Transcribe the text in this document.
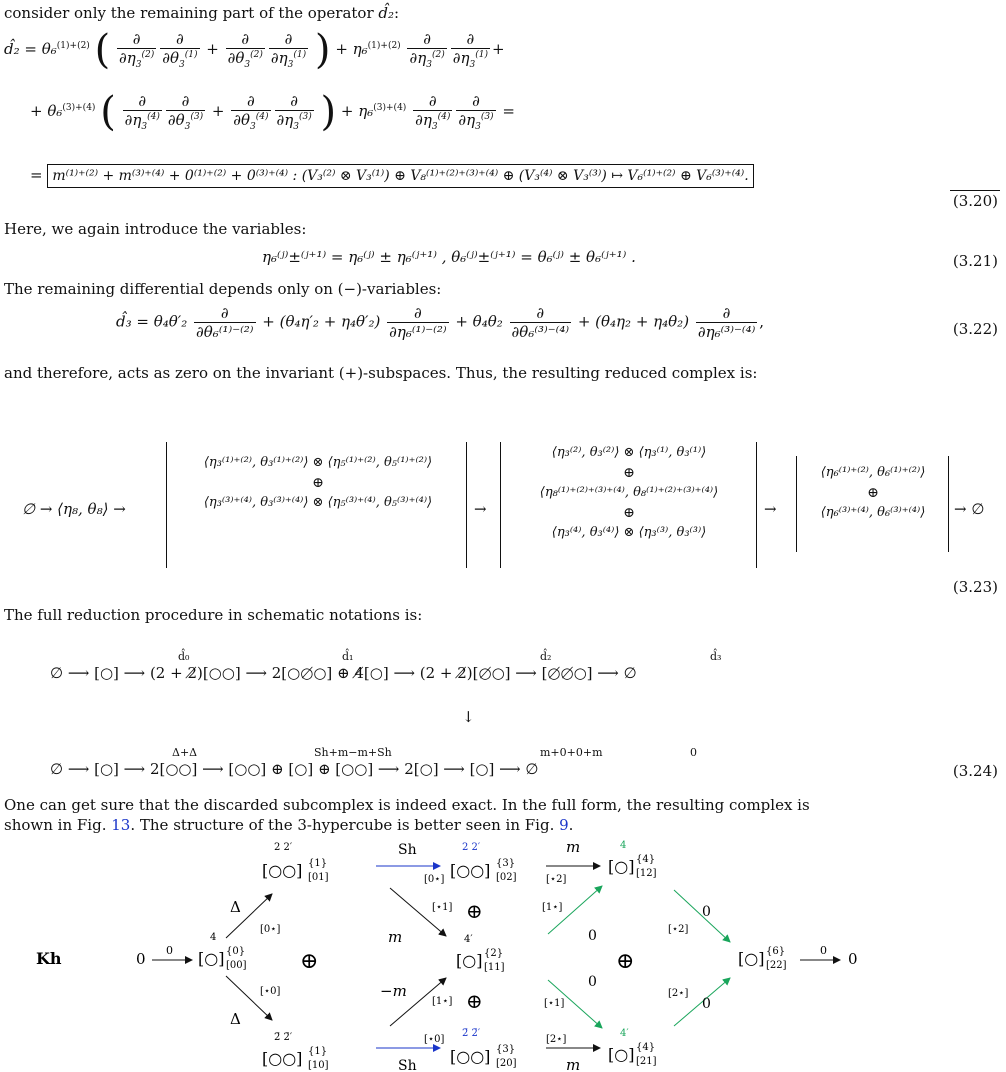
consider only the remaining part of the operator d̂₂:
d̂₂ = θ₆$^{(1)+(2)}$ ( $\frac{\partial}{\partial\eta_3^{(2)}} \frac{\partial}{\partial\theta_3^{(1)}} + \frac{\partial}{\partial\theta_3^{(2)}} \frac{\partial}{\partial\eta_3^{(1)}}$ ) + $\eta_6^{(1)+(2)} \frac{\partial}{\partial\eta_3^{(2)}} \frac{\partial}{\partial\eta_3^{(1)}}$ +
+ θ₆$^{(3)+(4)}$ ( $\frac{\partial}{\partial\eta_3^{(4)}} \frac{\partial}{\partial\theta_3^{(3)}} + \frac{\partial}{\partial\theta_3^{(4)}} \frac{\partial}{\partial\eta_3^{(3)}}$ ) + $\eta_6^{(3)+(4)} \frac{\partial}{\partial\eta_3^{(4)}} \frac{\partial}{\partial\eta_3^{(3)}}$ =
= m⁽¹⁾⁺⁽²⁾ + m⁽³⁾⁺⁽⁴⁾ + 0⁽¹⁾⁺⁽²⁾ + 0⁽³⁾⁺⁽⁴⁾ : (V₃⁽²⁾ ⊗ V₃⁽¹⁾) ⊕ V₈⁽¹⁾⁺⁽²⁾⁺⁽³⁾⁺⁽⁴⁾ ⊕ (V₃⁽⁴⁾ ⊗ V₃⁽³⁾) ↦ V₆⁽¹⁾⁺⁽²⁾ ⊕ V₆⁽³⁾⁺⁽⁴⁾.
(3.20)
Here, we again introduce the variables:
η₆⁽ʲ⁾±⁽ʲ⁺¹⁾ = η₆⁽ʲ⁾ ± η₆⁽ʲ⁺¹⁾ , θ₆⁽ʲ⁾±⁽ʲ⁺¹⁾ = θ₆⁽ʲ⁾ ± θ₆⁽ʲ⁺¹⁾ .	(3.21)
The remaining differential depends only on (−)-variables:
d̂₃ = $\theta_4\theta'_2 \frac{\partial}{\text{∂θ₆⁽¹⁾⁻⁽²⁾}} + (\theta_4\eta'_2 + \eta_4\theta'_2) \frac{\partial}{\text{∂η₆⁽¹⁾⁻⁽²⁾}} + \theta_4\theta_2 \frac{\partial}{\text{∂θ₆⁽³⁾⁻⁽⁴⁾}} + (\theta_4\eta_2 + \eta_4\theta_2) \frac{\partial}{\text{∂η₆⁽³⁾⁻⁽⁴⁾}}$ ,	(3.22)
and therefore, acts as zero on the invariant (+)-subspaces. Thus, the resulting reduced complex is:
∅ → ⟨η₈, θ₈⟩ →
⟨η₃⁽¹⁾⁺⁽²⁾, θ₃⁽¹⁾⁺⁽²⁾⟩ ⊗ ⟨η₅⁽¹⁾⁺⁽²⁾, θ₅⁽¹⁾⁺⁽²⁾⟩
⊕
⟨η₃⁽³⁾⁺⁽⁴⁾, θ₃⁽³⁾⁺⁽⁴⁾⟩ ⊗ ⟨η₅⁽³⁾⁺⁽⁴⁾, θ₅⁽³⁾⁺⁽⁴⁾⟩	→
⟨η₃⁽²⁾, θ₃⁽²⁾⟩ ⊗ ⟨η₃⁽¹⁾, θ₃⁽¹⁾⟩
⊕
⟨η₈⁽¹⁾⁺⁽²⁾⁺⁽³⁾⁺⁽⁴⁾, θ₈⁽¹⁾⁺⁽²⁾⁺⁽³⁾⁺⁽⁴⁾⟩
⊕
⟨η₃⁽⁴⁾, θ₃⁽⁴⁾⟩ ⊗ ⟨η₃⁽³⁾, θ₃⁽³⁾⟩
→
⟨η₆⁽¹⁾⁺⁽²⁾, θ₆⁽¹⁾⁺⁽²⁾⟩
⊕
⟨η₆⁽³⁾⁺⁽⁴⁾, θ₆⁽³⁾⁺⁽⁴⁾⟩	→ ∅
(3.23)
The full reduction procedure in schematic notations is:
d̂₀	d̂₁	d̂₂	d̂₃
∅ ⟶ [○] ⟶ (2 + 2̸)[○○] ⟶ 2[○○̸○] ⊕ 4̸[○] ⟶ (2 + 2̸)[○̸○] ⟶ [○̸○̸○] ⟶ ∅
↓
Δ+Δ	Sh+m−m+Sh	m+0+0+m	0
∅ ⟶ [○] ⟶ 2[○○] ⟶ [○○] ⊕ [○] ⊕ [○○] ⟶ 2[○] ⟶ [○] ⟶ ∅	(3.24)
One can get sure that the discarded subcomplex is indeed exact. In the full form, the resulting complex is
shown in Fig. 13. The structure of the 3-hypercube is better seen in Fig. 9.
Kh	0 0
4
[○] {0}
[00]
Δ
[0⋆]
Δ
[⋆0]
⊕
2 2′
[○○] {1}
[01]
2̄ 2̄′
[○○] {1}
[10]
Sh
[0⋆]
Sh
[⋆0]
m
[⋆1]
−m
[1⋆]
⊕
⊕
2 2′
[○○] {3}
[02]
4′
[○] {2}
[11]
2̄ 2̄′
[○○] {3}
[20]
m
[⋆2]
m
[2⋆]
[1⋆]
0
[⋆1]
0
⊕
4
[○] {4}
[12]
4′
[○] {4}
[21]
0
[⋆2]
0
[2⋆]
[○] {6}
[22]
0 0
